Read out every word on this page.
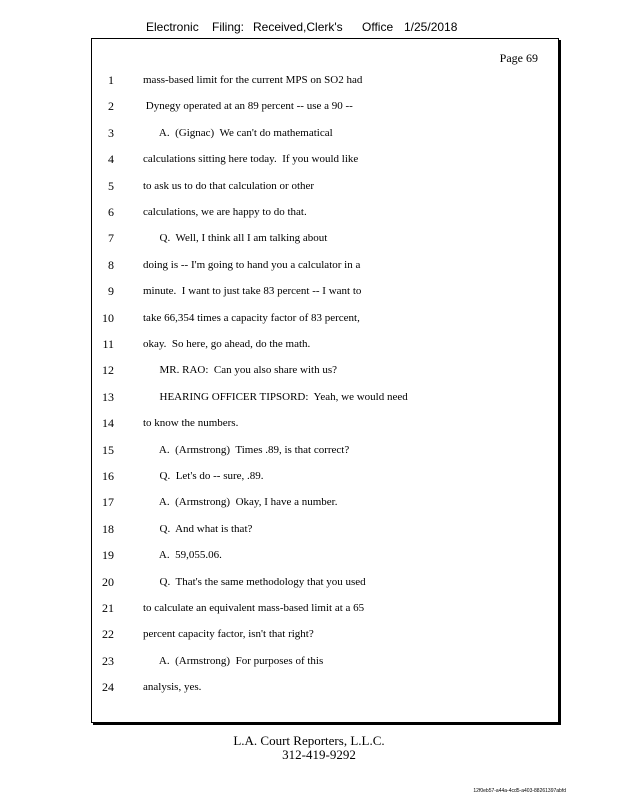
Electronic Filing: Received,Clerk's Office 1/25/2018
Page 69
1	mass-based limit for the current MPS on SO2 had
2	Dynegy operated at an 89 percent -- use a 90 --
3	A.  (Gignac)  We can't do mathematical
4	calculations sitting here today.  If you would like
5	to ask us to do that calculation or other
6	calculations, we are happy to do that.
7	Q.  Well, I think all I am talking about
8	doing is -- I'm going to hand you a calculator in a
9	minute.  I want to just take 83 percent -- I want to
10	take 66,354 times a capacity factor of 83 percent,
11	okay.  So here, go ahead, do the math.
12	MR. RAO:  Can you also share with us?
13	HEARING OFFICER TIPSORD:  Yeah, we would need
14	to know the numbers.
15	A.  (Armstrong)  Times .89, is that correct?
16	Q.  Let's do -- sure, .89.
17	A.  (Armstrong)  Okay, I have a number.
18	Q.  And what is that?
19	A.  59,055.06.
20	Q.  That's the same methodology that you used
21	to calculate an equivalent mass-based limit at a 65
22	percent capacity factor, isn't that right?
23	A.  (Armstrong)  For purposes of this
24	analysis, yes.
L.A. Court Reporters, L.L.C.
312-419-9292
12f0eb57-a44a-4cd5-a403-88261397abfd
